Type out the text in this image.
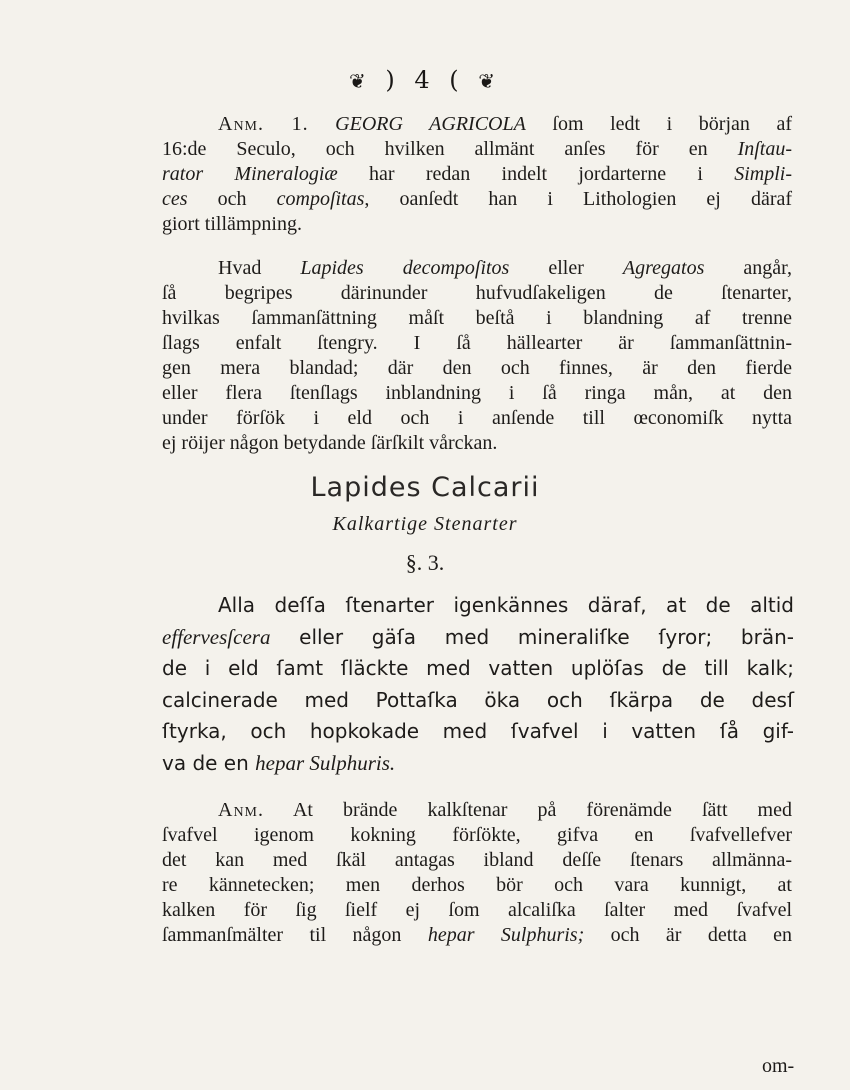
❦ ) 4 ( ❦
Anm. 1. GEORG AGRICOLA ſom ledt i början af
16:de Seculo, och hvilken allmänt anſes för en Inſtau-
rator Mineralogiæ har redan indelt jordarterne i Simpli-
ces och compoſitas, oanſedt han i Lithologien ej däraf
giort tillämpning.
Hvad Lapides decompoſitos eller Agregatos angår,
ſå begripes därinunder hufvudſakeligen de ſtenarter,
hvilkas ſammanſättning måſt beſtå i blandning af trenne
ſlags enfalt ſtengry. I ſå hällearter är ſammanſättnin-
gen mera blandad; där den och finnes, är den fierde
eller flera ſtenſlags inblandning i ſå ringa mån, at den
under förſök i eld och i anſende till œconomiſk nytta
ej röijer någon betydande ſärſkilt vårckan.
Lapides Calcarii
Kalkartige Stenarter
§. 3.
Alla deſſa ſtenarter igenkännes däraf, at de altid
effervesſcera eller gäſa med mineraliſke ſyror; brän-
de i eld ſamt ſläckte med vatten uplöſas de till kalk;
calcinerade med Pottaſka öka och ſkärpa de desſ
ſtyrka, och hopkokade med ſvafvel i vatten ſå gif-
va de en hepar Sulphuris.
Anm. At brände kalkſtenar på förenämde ſätt med
ſvafvel igenom kokning förſökte, gifva en ſvafvellefver
det kan med ſkäl antagas ibland deſſe ſtenars allmänna-
re kännetecken; men derhos bör och vara kunnigt, at
kalken för ſig ſielf ej ſom alcaliſka ſalter med ſvafvel
ſammanſmälter til någon hepar Sulphuris; och är detta en
om-
